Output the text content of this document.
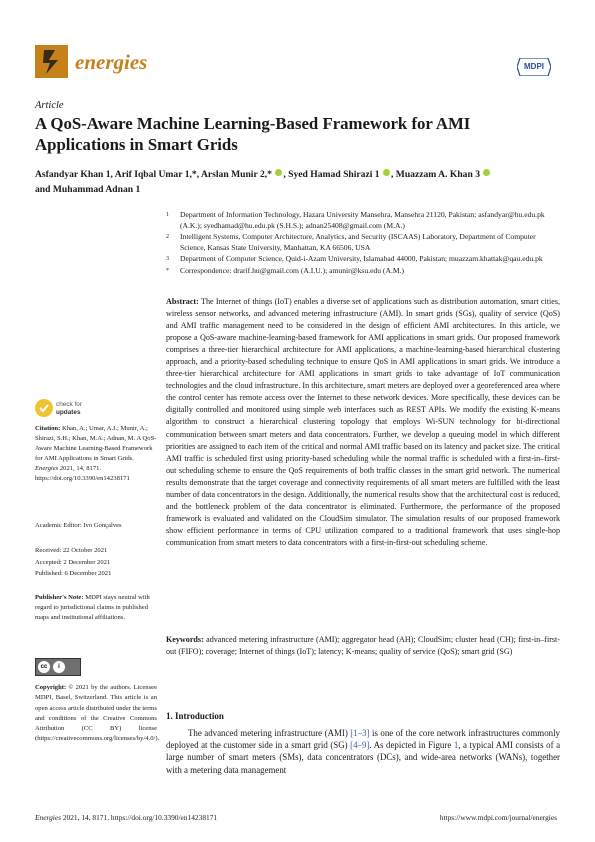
energies	MDPI
Article
A QoS-Aware Machine Learning-Based Framework for AMI Applications in Smart Grids
Asfandyar Khan 1, Arif Iqbal Umar 1,*, Arslan Munir 2,* , Syed Hamad Shirazi 1 , Muazzam A. Khan 3
and Muhammad Adnan 1
1	Department of Information Technology, Hazara University Mansehra, Mansehra 21120, Pakistan; asfandyar@hu.edu.pk (A.K.); syedhamad@hu.edu.pk (S.H.S.); adnan25408@gmail.com (M.A.)
2	Intelligent Systems, Computer Architecture, Analytics, and Security (ISCAAS) Laboratory, Department of Computer Science, Kansas State University, Manhattan, KA 66506, USA
3	Department of Computer Science, Quid-i-Azam University, Islamabad 44000, Pakistan; muazzam.khattak@qau.edu.pk
*	Correspondence: drarif.hu@gmail.com (A.I.U.); amunir@ksu.edu (A.M.)
Abstract: The Internet of things (IoT) enables a diverse set of applications such as distribution automation, smart cities, wireless sensor networks, and advanced metering infrastructure (AMI). In smart grids (SGs), quality of service (QoS) and AMI traffic management need to be considered in the design of efficient AMI architectures. In this article, we propose a QoS-aware machine-learning-based framework for AMI applications in smart grids. Our proposed framework comprises a three-tier hierarchical architecture for AMI applications, a machine-learning-based hierarchical clustering approach, and a priority-based scheduling technique to ensure QoS in AMI applications in smart grids. We introduce a three-tier hierarchical architecture for AMI applications in smart grids to take advantage of IoT communication technologies and the cloud infrastructure. In this architecture, smart meters are deployed over a georeferenced area where the control center has remote access over the Internet to these network devices. More specifically, these devices can be digitally controlled and monitored using simple web interfaces such as REST APIs. We modify the existing K-means algorithm to construct a hierarchical clustering topology that employs Wi-SUN technology for bi-directional communication between smart meters and data concentrators. Further, we develop a queuing model in which different priorities are assigned to each item of the critical and normal AMI traffic based on its latency and packet size. The critical AMI traffic is scheduled first using priority-based scheduling while the normal traffic is scheduled with a first-in–first-out scheduling scheme to ensure the QoS requirements of both traffic classes in the smart grid network. The numerical results demonstrate that the target coverage and connectivity requirements of all smart meters are fulfilled with the least number of data concentrators in the design. Additionally, the numerical results show that the architectural cost is reduced, and the bottleneck problem of the data concentrator is eliminated. Furthermore, the performance of the proposed framework is evaluated and validated on the CloudSim simulator. The simulation results of our proposed framework show efficient performance in terms of CPU utilization compared to a traditional framework that uses single-hop communication from smart meters to data concentrators with a first-in-first-out scheduling scheme.
Keywords: advanced metering infrastructure (AMI); aggregator head (AH); CloudSim; cluster head (CH); first-in–first-out (FIFO); coverage; Internet of things (IoT); latency; K-means; quality of service (QoS); smart grid (SG)
check for
updates
Citation: Khan, A.; Umar, A.I.; Munir, A.; Shirazi, S.H.; Khan, M.A.; Adnan, M. A QoS-Aware Machine Learning-Based Framework for AMI Applications in Smart Grids. Energies 2021, 14, 8171. https://doi.org/10.3390/en14238171
Academic Editor: Ivo Gonçalves
Received: 22 October 2021
Accepted: 2 December 2021
Published: 6 December 2021
Publisher's Note: MDPI stays neutral with regard to jurisdictional claims in published maps and institutional affiliations.
cc	i
Copyright: © 2021 by the authors. Licensee MDPI, Basel, Switzerland. This article is an open access article distributed under the terms and conditions of the Creative Commons Attribution (CC BY) license (https://creativecommons.org/licenses/by/4.0/).
1. Introduction
The advanced metering infrastructure (AMI) [1–3] is one of the core network infrastructures commonly deployed at the customer side in a smart grid (SG) [4–9]. As depicted in Figure 1, a typical AMI consists of a large number of smart meters (SMs), data concentrators (DCs), and wide-area networks (WANs), together with a metering data management
Energies 2021, 14, 8171. https://doi.org/10.3390/en14238171	https://www.mdpi.com/journal/energies
